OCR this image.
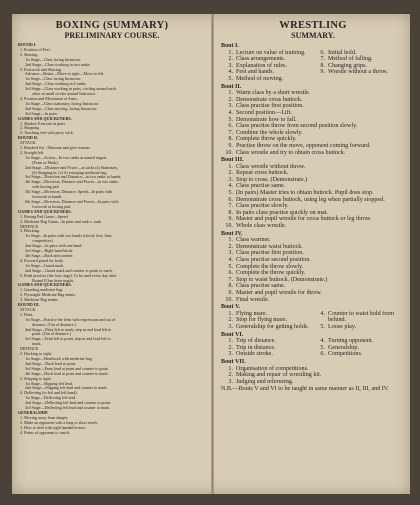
BOXING (SUMMARY)
PRELIMINARY COURSE.
ROUND I.
1. Position of Feet.
2. Shaving.
1st Stage—Class facing Instructor.
2nd Stage—Class working in two ranks.
3. Footwork and Shaving.
Advance—Retire—Move to right—Move to left.
1st Stage—Class facing Instructor.
2nd Stage—Class working in 2 ranks.
3rd Stage—Class working in pairs, circling around each
other in small circles around Instructor.
4. Position and Movement of Arms.
1st Stage—Class stationary, facing Instructor.
2nd Stage—Class moving, facing Instructor.
3rd Stage—In pairs.
GAMES AND QUICKENERS.
1. Shadow Exercise in pairs.
2. Skipping.
3. Touching feet with parry stick.
ROUND II.
ATTACK.
1. Reached fist : Illustrate and give reasons.
2. Straight left.
1st Stage—Action—In two ranks at named targets
(Point or Mark).
2nd Stage—Distance and Power—at sacks (a) Stationary,
(b) Stepping in. (c) At swinging medicine bag.
3rd Stage—Direction and Distance—in two ranks at hands.
4th Stage—Direction, Distance and Power—in two ranks
with boxing pad.
5th Stage—Direction, Distance, Speed—In pairs with
footwork at hands.
6th Stage—Direction, Distance and Power—In pairs with
footwork at boxing pad.
GAMES AND QUICKENERS.
1. Boxing Pad Game—Speed.
2. Medicine Bag Game—In pairs and rank v. rank.
DEFENCE.
3. Blocking.
1st Stage—In pairs with two hands (slowly first, then
competitive).
2nd Stage—In pairs with one hand.
3rd Stage—Right hand block.
4th Stage—Back and counter.
4. Forward guard for body.
1st Stage—Guard mark.
2nd Stage—Guard mark and counter to point or mark.
5. Final practice (the four rings). To be used every day after
Round II has been taught.
GAMES AND QUICKENERS.
1. Guarding medicine bag.
2. Flywaight Medicine Bag tennis.
3. Medicine Bag tennis.
ROUND III.
ATTACK.
1. Feint.
1st Stage—Practice the feint with expression and out of
distance. (Out of distance.)
2nd Stage—Feint left to mark, step in and lead left to
point. (Out of distance.)
3rd Stage—Feint left to point, step in and lead left to
mark.
DEFENCE.
2. Ducking to right.
1st Stage—Headwork with medicine bag.
2nd Stage—Duck lead at point.
3rd Stage—Parry lead at point and counter to point.
4th Stage—Duck lead at point and counter to mark.
3. Slipping to right.
1st Stage—Slipping left lead.
2nd Stage—Slipping left lead and counter to mark.
4. Deflecting (to left and left hand).
1st Stage—Deflecting left lead.
2nd Stage—Deflecting left lead and counter to point.
3rd Stage—Deflecting left lead and counter to mark.
GENERALSHIP.
1. Moving away from danger.
2. Make an opponent with a long or short reach.
3. How to deal with right handed boxers.
4. Feints of opponent to watch.
WRESTLING
SUMMARY.
Bout I.
1. Lecture on value of training.
2. Class arrangements.
3. Explanation of rules.
4. Feet and hands.
5. Method of moving.
6. Initial hold.
7. Method of falling.
8. Changing grips.
9. Wrestle without a throw.
Bout II.
1. Warm class by a short wrestle.
2. Demonstrate cross buttock.
3. Class practise first position.
4. Second position—Lift.
5. Demonstrate how to fall.
6. Class practise throw from second position slowly.
7. Combine the whole slowly.
8. Complete throw quickly.
9. Practise throw on the move, opponent coming forward.
10. Class wrestle and try to obtain cross buttock.
Bout III.
1. Class wrestle without throw.
2. Repeat cross buttock.
3. Stop to cross. (Demonstrate.)
4. Class practise same.
5. (In pairs) Master tries to obtain buttock. Pupil does stop.
6. Demonstrate cross buttock, using leg when partially stopped.
7. Class practise slowly.
8. In pairs class practise quickly on mat.
9. Master and pupil wrestle for cross buttock or leg throw.
10. Whole class wrestle.
Bout IV.
1. Class warmer.
2. Demonstrate waist buttock.
3. Class practise first position.
4. Class practise second position.
5. Complete the throw slowly.
6. Complete the throw quickly.
7. Stop to waist buttock. (Demonstrate.)
8. Class practise same.
9. Master and pupil wrestle for throw.
10. Final wrestle.
Bout V.
1. Flying mare.
2. Stop for flying mare.
3. Generalship for getting holds.
4. Counter to waist hold from behind.
5. Loose play.
Bout VI.
1. Trip of distance.
2. Trip in distance.
3. Outside stroke.
4. Turning opponent.
5. Generalship.
6. Competitions.
Bout VII.
1. Organisation of competitions.
2. Making and repair of wrestling kit.
3. Judging and refereeing.
N.B.—Bouts V and VI to be taught in same manner as II, III, and IV.
